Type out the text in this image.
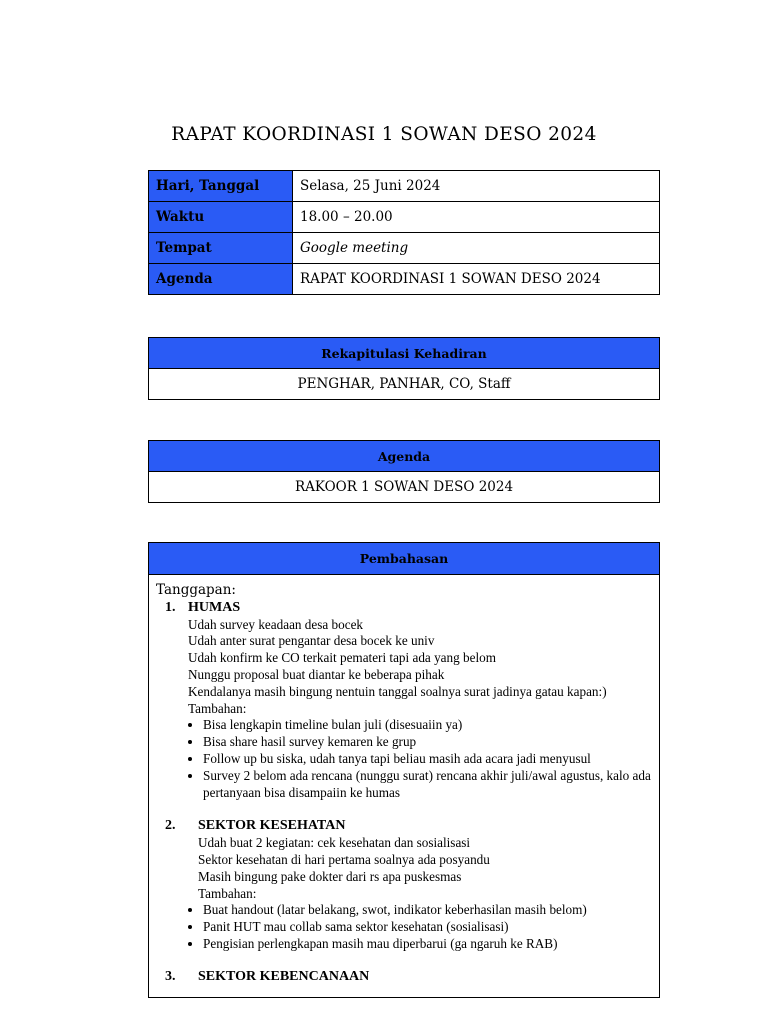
RAPAT KOORDINASI 1 SOWAN DESO 2024
Hari, Tanggal	Selasa, 25 Juni 2024
Waktu	18.00 – 20.00
Tempat	Google meeting
Agenda	RAPAT KOORDINASI 1 SOWAN DESO 2024
Rekapitulasi Kehadiran
PENGHAR, PANHAR, CO, Staff
Agenda
RAKOOR 1 SOWAN DESO 2024
Pembahasan
Tanggapan:
1. HUMAS
Udah survey keadaan desa bocek
Udah anter surat pengantar desa bocek ke univ
Udah konfirm ke CO terkait pemateri tapi ada yang belom
Nunggu proposal buat diantar ke beberapa pihak
Kendalanya masih bingung nentuin tanggal soalnya surat jadinya gatau kapan:)
Tambahan:
• Bisa lengkapin timeline bulan juli (disesuaiin ya)
• Bisa share hasil survey kemaren ke grup
• Follow up bu siska, udah tanya tapi beliau masih ada acara jadi menyusul
• Survey 2 belom ada rencana (nunggu surat) rencana akhir juli/awal agustus, kalo ada pertanyaan bisa disampaiin ke humas
2. SEKTOR KESEHATAN
Udah buat 2 kegiatan: cek kesehatan dan sosialisasi
Sektor kesehatan di hari pertama soalnya ada posyandu
Masih bingung pake dokter dari rs apa puskesmas
Tambahan:
• Buat handout (latar belakang, swot, indikator keberhasilan masih belom)
• Panit HUT mau collab sama sektor kesehatan (sosialisasi)
• Pengisian perlengkapan masih mau diperbarui (ga ngaruh ke RAB)
3. SEKTOR KEBENCANAAN
